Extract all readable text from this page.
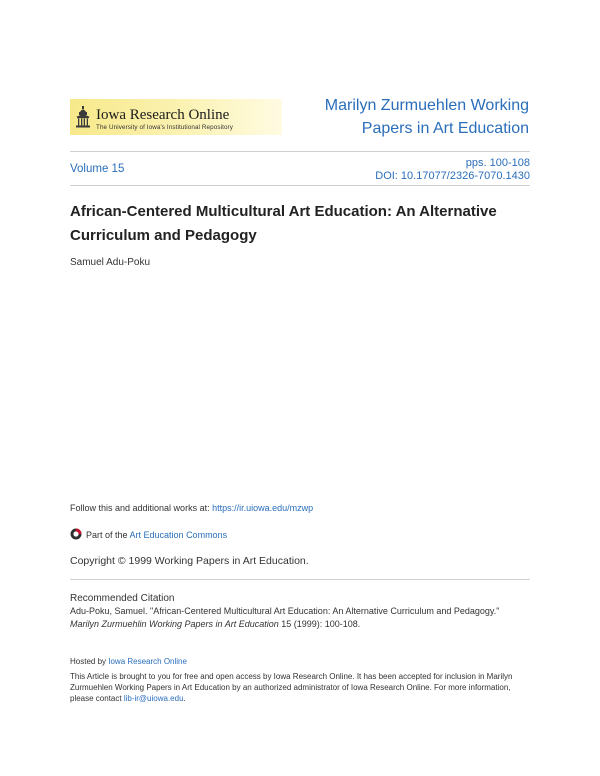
Iowa Research Online
The University of Iowa's Institutional Repository
Marilyn Zurmuehlen Working
Papers in Art Education
Volume 15	pps. 100-108
DOI: 10.17077/2326-7070.1430
African-Centered Multicultural Art Education: An Alternative Curriculum and Pedagogy
Samuel Adu-Poku
Follow this and additional works at: https://ir.uiowa.edu/mzwp
Part of the Art Education Commons
Copyright © 1999 Working Papers in Art Education.
Recommended Citation
Adu-Poku, Samuel. "African-Centered Multicultural Art Education: An Alternative Curriculum and Pedagogy." Marilyn Zurmuehlin Working Papers in Art Education 15 (1999): 100-108.
Hosted by Iowa Research Online
This Article is brought to you for free and open access by Iowa Research Online. It has been accepted for inclusion in Marilyn Zurmuehlen Working Papers in Art Education by an authorized administrator of Iowa Research Online. For more information, please contact lib-ir@uiowa.edu.
